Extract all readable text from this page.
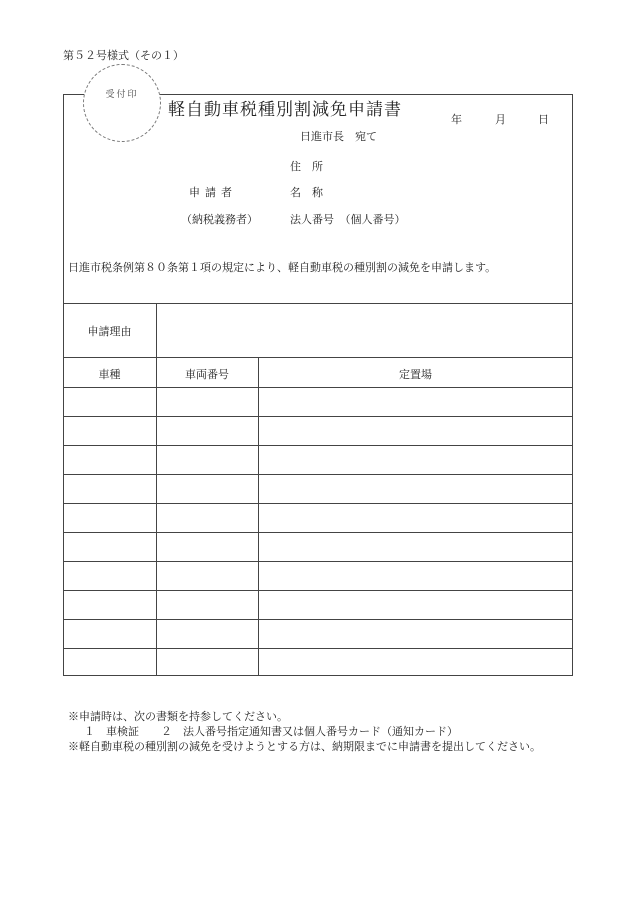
第５２号様式（その１）
受付印
軽自動車税種別割減免申請書	年	月	日
日進市長　宛て
住　所
申請者	名　称
（納税義務者）	法人番号　（個人番号）
日進市税条例第８０条第１項の規定により、軽自動車税の種別割の減免を申請します。
申請理由
車種	車両番号	定置場
※申請時は、次の書類を持参してください。
１　車検証　　２　法人番号指定通知書又は個人番号カード（通知カード）
※軽自動車税の種別割の減免を受けようとする方は、納期限までに申請書を提出してください。
